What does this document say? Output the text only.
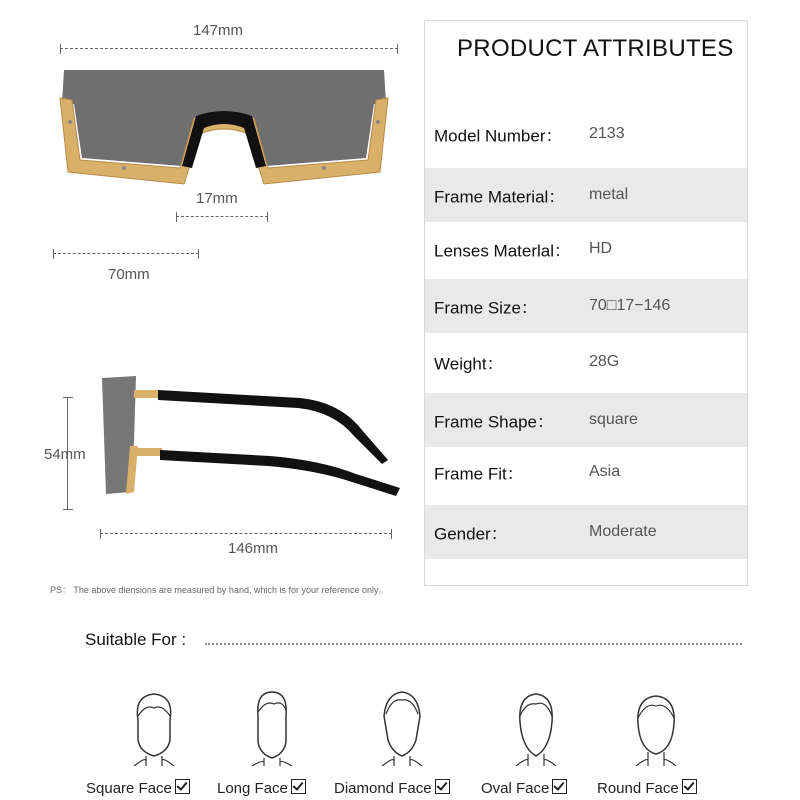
147mm
17mm
70mm
54mm
146mm
PS： The above diensions are measured by hand, which is for your reference only。
PRODUCT ATTRIBUTES
Model Number： 2133
Frame Material： metal
Lenses Materlal： HD
Frame Size：	70□17−146
Weight：	28G
Frame Shape： square
Frame Fit：	Asia
Gender：	Moderate
Suitable For :
Square Face	Long Face	Diamond Face	Oval Face	Round Face
